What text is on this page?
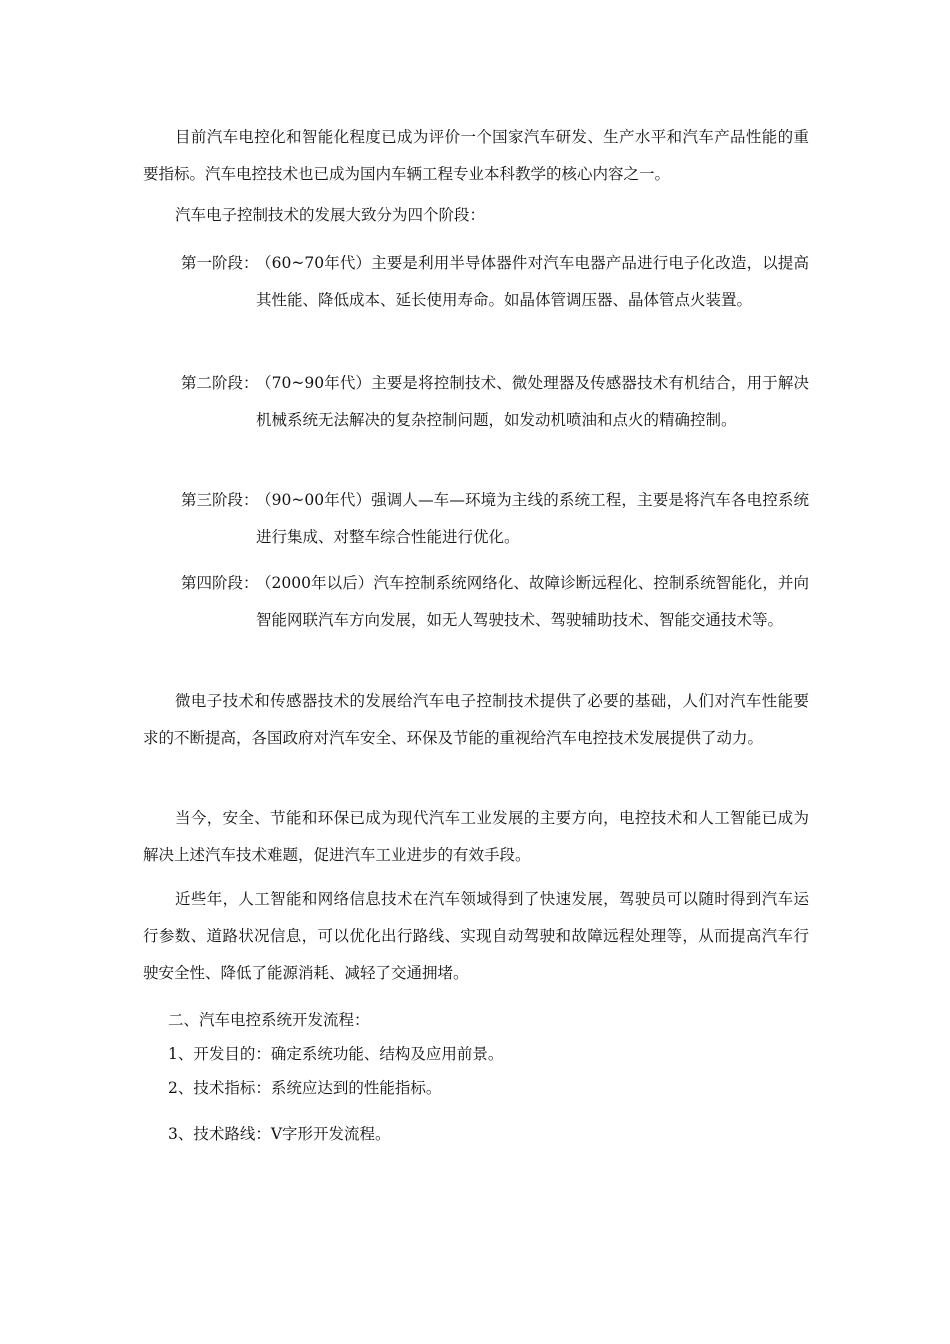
目前汽车电控化和智能化程度已成为评价一个国家汽车研发、生产水平和汽车产品性能的重要指标。汽车电控技术也已成为国内车辆工程专业本科教学的核心内容之一。

汽车电子控制技术的发展大致分为四个阶段：

第一阶段：
（60~70年代）主要是利用半导体器件对汽车电器产品进行电子化改造，以提高其性能、降低成本、延长使用寿命。如晶体管调压器、晶体管点火装置。
第二阶段：
（70~90年代）主要是将控制技术、微处理器及传感器技术有机结合，用于解决机械系统无法解决的复杂控制问题，如发动机喷油和点火的精确控制。
第三阶段：
（90~00年代）强调人—车—环境为主线的系统工程，主要是将汽车各电控系统进行集成、对整车综合性能进行优化。
第四阶段：
（2000年以后）汽车控制系统网络化、故障诊断远程化、控制系统智能化，并向智能网联汽车方向发展，如无人驾驶技术、驾驶辅助技术、智能交通技术等。

微电子技术和传感器技术的发展给汽车电子控制技术提供了必要的基础，人们对汽车性能要求的不断提高，各国政府对汽车安全、环保及节能的重视给汽车电控技术发展提供了动力。

当今，安全、节能和环保已成为现代汽车工业发展的主要方向，电控技术和人工智能已成为解决上述汽车技术难题，促进汽车工业进步的有效手段。

近些年，人工智能和网络信息技术在汽车领域得到了快速发展，驾驶员可以随时得到汽车运行参数、道路状况信息，可以优化出行路线、实现自动驾驶和故障远程处理等，从而提高汽车行驶安全性、降低了能源消耗、减轻了交通拥堵。

二、汽车电控系统开发流程：

1、开发目的：确定系统功能、结构及应用前景。

2、技术指标：系统应达到的性能指标。

3、技术路线：V字形开发流程。
